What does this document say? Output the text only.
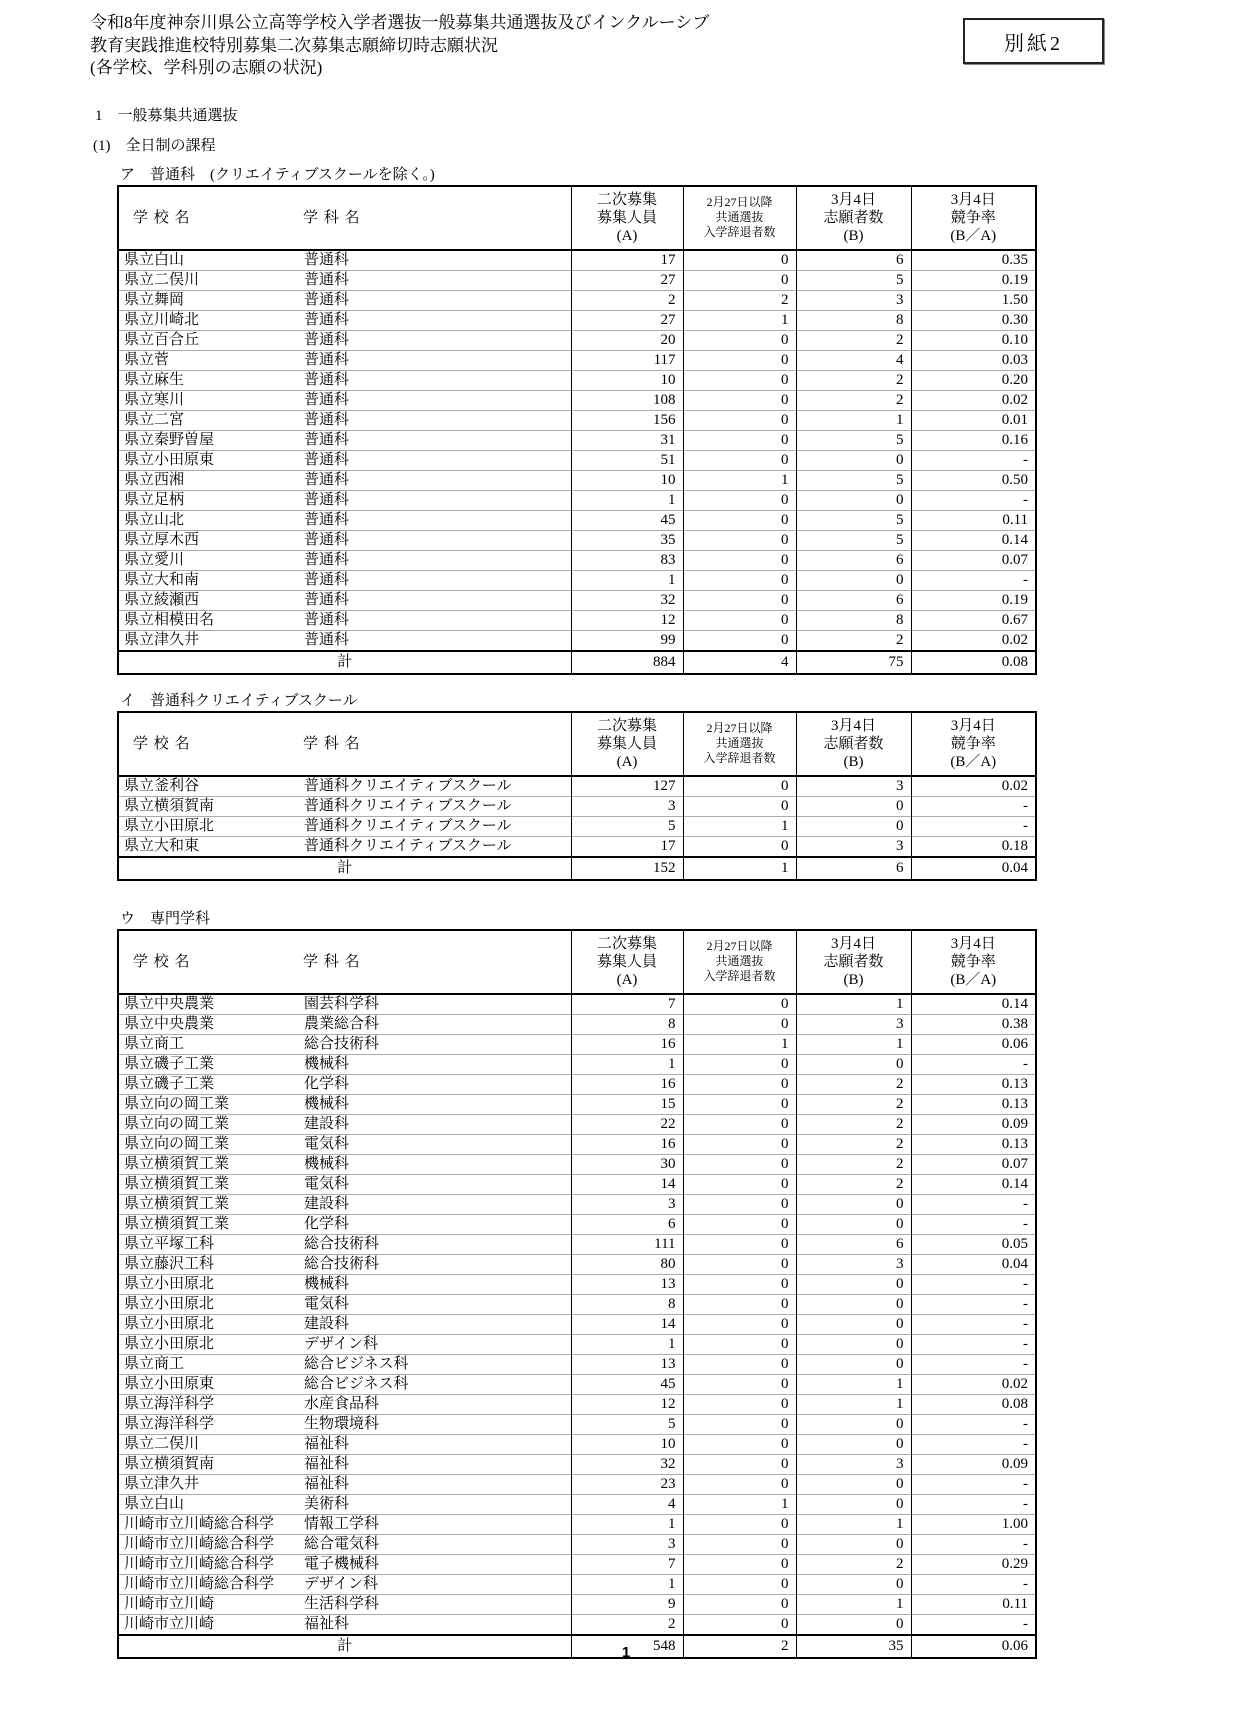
別紙2
令和8年度神奈川県公立高等学校入学者選抜一般募集共通選抜及びインクルーシブ
教育実践推進校特別募集二次募集志願締切時志願状況
(各学校、学科別の志願の状況)
1　一般募集共通選抜
(1)　全日制の課程
ア　普通科　(クリエイティブスクールを除く。)
学 校 名 学 科 名		二次募集
募集人員
(A)	2月27日以降
共通選抜
入学辞退者数	3月4日
志願者数
(B)	3月4日
競争率
(B／A)
県立白山	普通科	17	0	6	0.35
県立二俣川	普通科	27	0	5	0.19
県立舞岡	普通科	2	2	3	1.50
県立川崎北	普通科	27	1	8	0.30
県立百合丘	普通科	20	0	2	0.10
県立菅	普通科	117	0	4	0.03
県立麻生	普通科	10	0	2	0.20
県立寒川	普通科	108	0	2	0.02
県立二宮	普通科	156	0	1	0.01
県立秦野曽屋	普通科	31	0	5	0.16
県立小田原東	普通科	51	0	0	-
県立西湘	普通科	10	1	5	0.50
県立足柄	普通科	1	0	0	-
県立山北	普通科	45	0	5	0.11
県立厚木西	普通科	35	0	5	0.14
県立愛川	普通科	83	0	6	0.07
県立大和南	普通科	1	0	0	-
県立綾瀬西	普通科	32	0	6	0.19
県立相模田名	普通科	12	0	8	0.67
県立津久井	普通科	99	0	2	0.02
計		884	4	75	0.08
イ　普通科クリエイティブスクール
学 校 名 学 科 名		二次募集
募集人員
(A)	2月27日以降
共通選抜
入学辞退者数	3月4日
志願者数
(B)	3月4日
競争率
(B／A)
県立釜利谷	普通科クリエイティブスクール	127	0	3	0.02
県立横須賀南	普通科クリエイティブスクール	3	0	0	-
県立小田原北	普通科クリエイティブスクール	5	1	0	-
県立大和東	普通科クリエイティブスクール	17	0	3	0.18
計		152	1	6	0.04
ウ　専門学科
学 校 名 学 科 名		二次募集
募集人員
(A)	2月27日以降
共通選抜
入学辞退者数	3月4日
志願者数
(B)	3月4日
競争率
(B／A)
県立中央農業	園芸科学科	7	0	1	0.14
県立中央農業	農業総合科	8	0	3	0.38
県立商工	総合技術科	16	1	1	0.06
県立磯子工業	機械科	1	0	0	-
県立磯子工業	化学科	16	0	2	0.13
県立向の岡工業	機械科	15	0	2	0.13
県立向の岡工業	建設科	22	0	2	0.09
県立向の岡工業	電気科	16	0	2	0.13
県立横須賀工業	機械科	30	0	2	0.07
県立横須賀工業	電気科	14	0	2	0.14
県立横須賀工業	建設科	3	0	0	-
県立横須賀工業	化学科	6	0	0	-
県立平塚工科	総合技術科	111	0	6	0.05
県立藤沢工科	総合技術科	80	0	3	0.04
県立小田原北	機械科	13	0	0	-
県立小田原北	電気科	8	0	0	-
県立小田原北	建設科	14	0	0	-
県立小田原北	デザイン科	1	0	0	-
県立商工	総合ビジネス科	13	0	0	-
県立小田原東	総合ビジネス科	45	0	1	0.02
県立海洋科学	水産食品科	12	0	1	0.08
県立海洋科学	生物環境科	5	0	0	-
県立二俣川	福祉科	10	0	0	-
県立横須賀南	福祉科	32	0	3	0.09
県立津久井	福祉科	23	0	0	-
県立白山	美術科	4	1	0	-
川崎市立川崎総合科学	情報工学科	1	0	1	1.00
川崎市立川崎総合科学	総合電気科	3	0	0	-
川崎市立川崎総合科学	電子機械科	7	0	2	0.29
川崎市立川崎総合科学	デザイン科	1	0	0	-
川崎市立川崎	生活科学科	9	0	1	0.11
川崎市立川崎	福祉科	2	0	0	-
計		548	2	35	0.06
1
